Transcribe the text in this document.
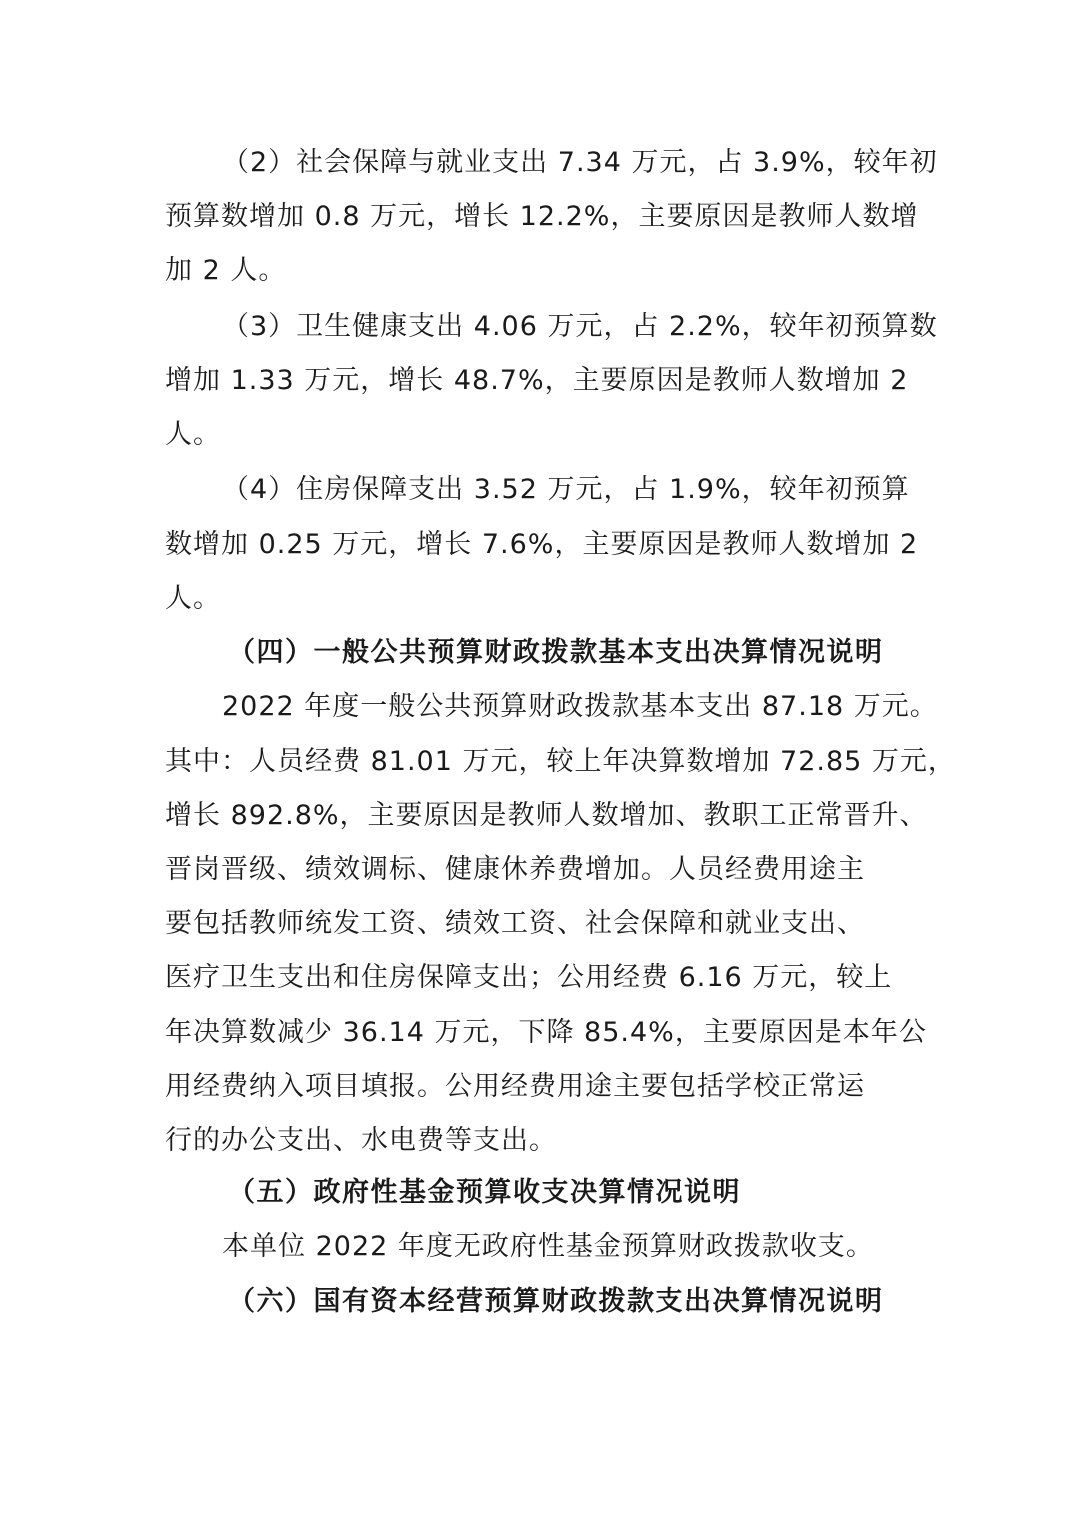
（2）社会保障与就业支出 7.34 万元，占 3.9%，较年初
预算数增加 0.8 万元，增长 12.2%，主要原因是教师人数增
加 2 人。
（3）卫生健康支出 4.06 万元，占 2.2%，较年初预算数
增加 1.33 万元，增长 48.7%，主要原因是教师人数增加 2
人。
（4）住房保障支出 3.52 万元，占 1.9%，较年初预算
数增加 0.25 万元，增长 7.6%，主要原因是教师人数增加 2
人。
（四）一般公共预算财政拨款基本支出决算情况说明
2022 年度一般公共预算财政拨款基本支出 87.18 万元。
其中：人员经费 81.01 万元，较上年决算数增加 72.85 万元，
增长 892.8%，主要原因是教师人数增加、教职工正常晋升、
晋岗晋级、绩效调标、健康休养费增加。人员经费用途主
要包括教师统发工资、绩效工资、社会保障和就业支出、
医疗卫生支出和住房保障支出；公用经费 6.16 万元，较上
年决算数减少 36.14 万元，下降 85.4%，主要原因是本年公
用经费纳入项目填报。公用经费用途主要包括学校正常运
行的办公支出、水电费等支出。
（五）政府性基金预算收支决算情况说明
本单位 2022 年度无政府性基金预算财政拨款收支。
（六）国有资本经营预算财政拨款支出决算情况说明
